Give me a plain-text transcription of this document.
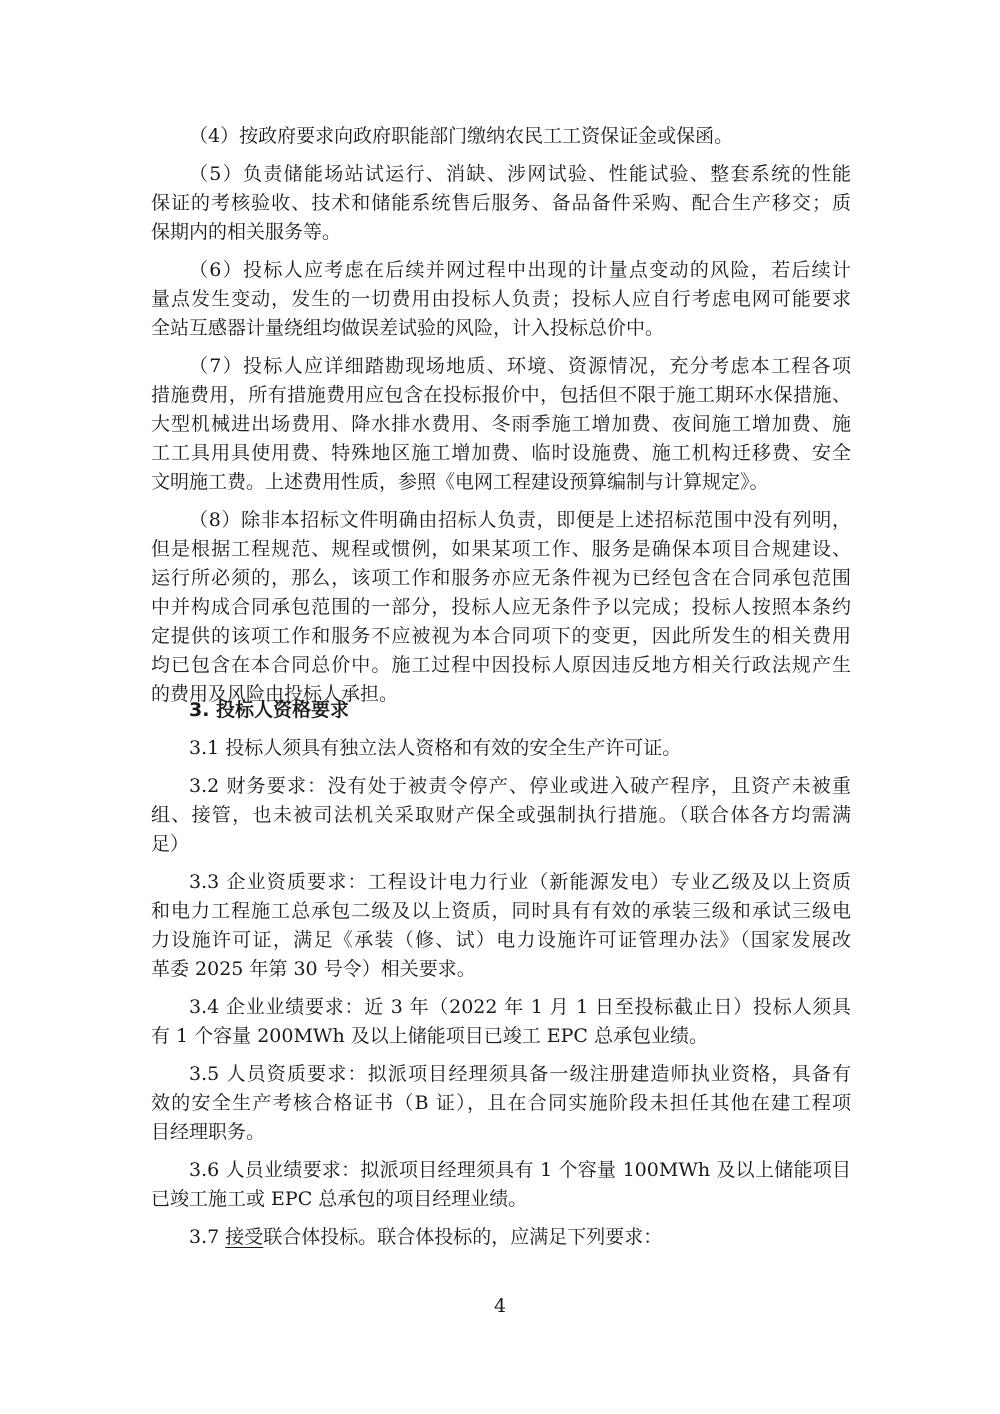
（4）按政府要求向政府职能部门缴纳农民工工资保证金或保函。
（5）负责储能场站试运行、消缺、涉网试验、性能试验、整套系统的性能
保证的考核验收、技术和储能系统售后服务、备品备件采购、配合生产移交；质
保期内的相关服务等。
（6）投标人应考虑在后续并网过程中出现的计量点变动的风险，若后续计
量点发生变动，发生的一切费用由投标人负责；投标人应自行考虑电网可能要求
全站互感器计量绕组均做误差试验的风险，计入投标总价中。
（7）投标人应详细踏勘现场地质、环境、资源情况，充分考虑本工程各项
措施费用，所有措施费用应包含在投标报价中，包括但不限于施工期环水保措施、
大型机械进出场费用、降水排水费用、冬雨季施工增加费、夜间施工增加费、施
工工具用具使用费、特殊地区施工增加费、临时设施费、施工机构迁移费、安全
文明施工费。上述费用性质，参照《电网工程建设预算编制与计算规定》。
（8）除非本招标文件明确由招标人负责，即便是上述招标范围中没有列明，
但是根据工程规范、规程或惯例，如果某项工作、服务是确保本项目合规建设、
运行所必须的，那么，该项工作和服务亦应无条件视为已经包含在合同承包范围
中并构成合同承包范围的一部分，投标人应无条件予以完成；投标人按照本条约
定提供的该项工作和服务不应被视为本合同项下的变更，因此所发生的相关费用
均已包含在本合同总价中。施工过程中因投标人原因违反地方相关行政法规产生
的费用及风险由投标人承担。
3. 投标人资格要求
3.1 投标人须具有独立法人资格和有效的安全生产许可证。
3.2 财务要求：没有处于被责令停产、停业或进入破产程序，且资产未被重
组、接管，也未被司法机关采取财产保全或强制执行措施。（联合体各方均需满
足）
3.3 企业资质要求：工程设计电力行业（新能源发电）专业乙级及以上资质
和电力工程施工总承包二级及以上资质，同时具有有效的承装三级和承试三级电
力设施许可证，满足《承装（修、试）电力设施许可证管理办法》（国家发展改
革委 2025 年第 30 号令）相关要求。
3.4 企业业绩要求：近 3 年（2022 年 1 月 1 日至投标截止日）投标人须具
有 1 个容量 200MWh 及以上储能项目已竣工 EPC 总承包业绩。
3.5 人员资质要求：拟派项目经理须具备一级注册建造师执业资格，具备有
效的安全生产考核合格证书（B 证），且在合同实施阶段未担任其他在建工程项
目经理职务。
3.6 人员业绩要求：拟派项目经理须具有 1 个容量 100MWh 及以上储能项目
已竣工施工或 EPC 总承包的项目经理业绩。
3.7 接受联合体投标。联合体投标的，应满足下列要求：
4
